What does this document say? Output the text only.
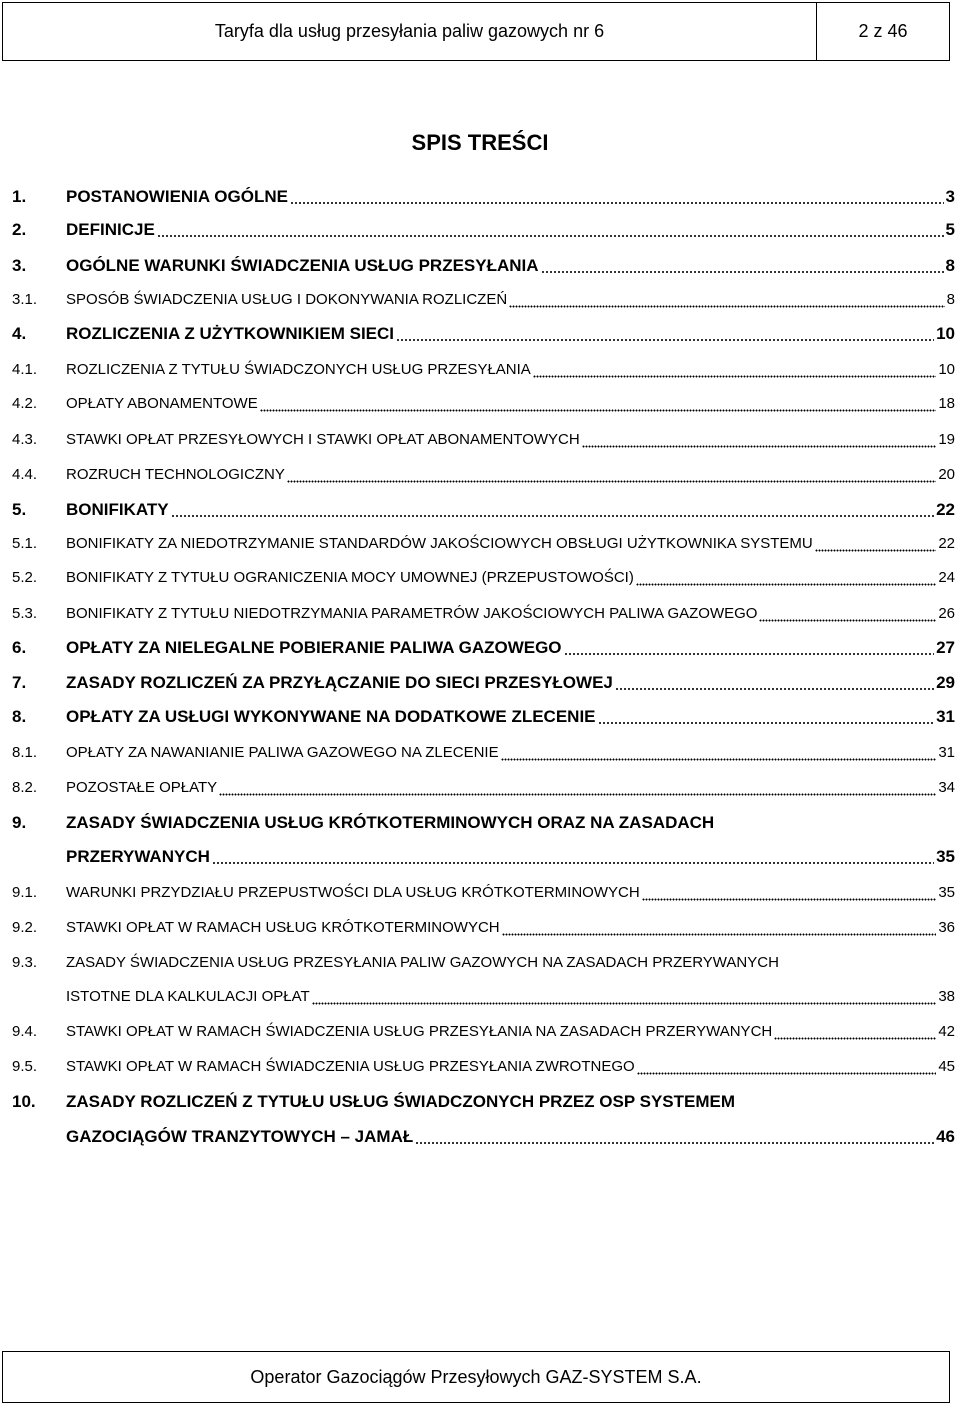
Taryfa dla usług przesyłania paliw gazowych nr 6	2 z 46
SPIS TREŚCI
1. POSTANOWIENIA OGÓLNE	3
2. DEFINICJE	5
3. OGÓLNE WARUNKI ŚWIADCZENIA USŁUG PRZESYŁANIA	8
3.1. SPOSÓB ŚWIADCZENIA USŁUG I DOKONYWANIA ROZLICZEŃ	8
4. ROZLICZENIA Z UŻYTKOWNIKIEM SIECI	10
4.1. ROZLICZENIA Z TYTUŁU ŚWIADCZONYCH USŁUG PRZESYŁANIA	10
4.2. OPŁATY ABONAMENTOWE	18
4.3. STAWKI OPŁAT PRZESYŁOWYCH I STAWKI OPŁAT ABONAMENTOWYCH	19
4.4. ROZRUCH TECHNOLOGICZNY	20
5. BONIFIKATY	22
5.1. BONIFIKATY ZA NIEDOTRZYMANIE STANDARDÓW JAKOŚCIOWYCH OBSŁUGI UŻYTKOWNIKA SYSTEMU	22
5.2. BONIFIKATY Z TYTUŁU OGRANICZENIA MOCY UMOWNEJ (PRZEPUSTOWOŚCI)	24
5.3. BONIFIKATY Z TYTUŁU NIEDOTRZYMANIA PARAMETRÓW JAKOŚCIOWYCH PALIWA GAZOWEGO	26
6. OPŁATY ZA NIELEGALNE POBIERANIE PALIWA GAZOWEGO	27
7. ZASADY ROZLICZEŃ ZA PRZYŁĄCZANIE DO SIECI PRZESYŁOWEJ	29
8. OPŁATY ZA USŁUGI WYKONYWANE NA DODATKOWE ZLECENIE	31
8.1. OPŁATY ZA NAWANIANIE PALIWA GAZOWEGO NA ZLECENIE	31
8.2. POZOSTAŁE OPŁATY	34
9. ZASADY ŚWIADCZENIA USŁUG KRÓTKOTERMINOWYCH ORAZ NA ZASADACH
PRZERYWANYCH	35
9.1. WARUNKI PRZYDZIAŁU PRZEPUSTWOŚCI DLA USŁUG KRÓTKOTERMINOWYCH	35
9.2. STAWKI OPŁAT W RAMACH USŁUG KRÓTKOTERMINOWYCH	36
9.3. ZASADY ŚWIADCZENIA USŁUG PRZESYŁANIA PALIW GAZOWYCH NA ZASADACH PRZERYWANYCH
ISTOTNE DLA KALKULACJI OPŁAT	38
9.4. STAWKI OPŁAT W RAMACH ŚWIADCZENIA USŁUG PRZESYŁANIA NA ZASADACH PRZERYWANYCH	42
9.5. STAWKI OPŁAT W RAMACH ŚWIADCZENIA USŁUG PRZESYŁANIA ZWROTNEGO	45
10. ZASADY ROZLICZEŃ Z TYTUŁU USŁUG ŚWIADCZONYCH PRZEZ OSP SYSTEMEM
GAZOCIĄGÓW TRANZYTOWYCH – JAMAŁ	46
Operator Gazociągów Przesyłowych GAZ-SYSTEM S.A.
